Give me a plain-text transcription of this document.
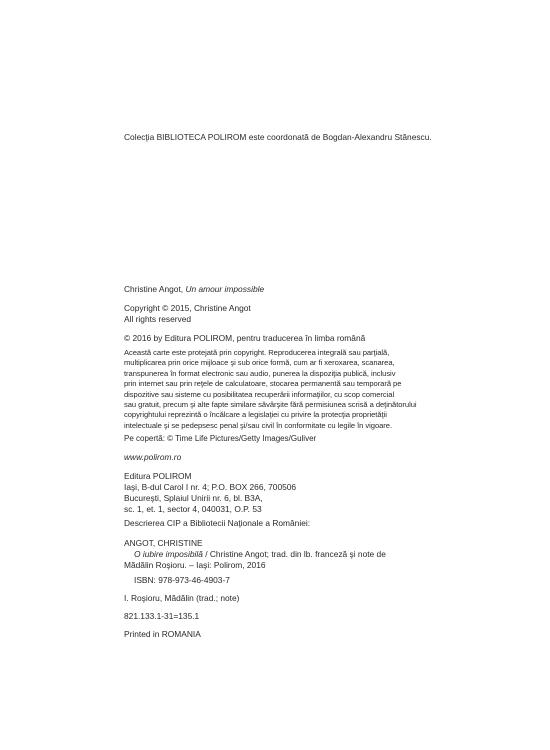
Colecţia BIBLIOTECA POLIROM este coordonată de Bogdan-Alexandru Stănescu.
Christine Angot, Un amour impossible
Copyright © 2015, Christine Angot
All rights reserved
© 2016 by Editura POLIROM, pentru traducerea în limba română
Această carte este protejată prin copyright. Reproducerea integrală sau parţială,
multiplicarea prin orice mijloace şi sub orice formă, cum ar fi xeroxarea, scanarea,
transpunerea în format electronic sau audio, punerea la dispoziţia publică, inclusiv
prin internet sau prin reţele de calculatoare, stocarea permanentă sau temporară pe
dispozitive sau sisteme cu posibilitatea recuperării informaţiilor, cu scop comercial
sau gratuit, precum şi alte fapte similare săvârşite fără permisiunea scrisă a deţinătorului
copyrightului reprezintă o încălcare a legislaţiei cu privire la protecţia proprietăţii
intelectuale şi se pedepsesc penal şi/sau civil în conformitate cu legile în vigoare.
Pe copertă: © Time Life Pictures/Getty Images/Guliver
www.polirom.ro
Editura POLIROM
Iaşi, B-dul Carol I nr. 4; P.O. BOX 266, 700506
Bucureşti, Splaiul Unirii nr. 6, bl. B3A,
sc. 1, et. 1, sector 4, 040031, O.P. 53
Descrierea CIP a Bibliotecii Naţionale a României:
ANGOT, CHRISTINE
O iubire imposibilă / Christine Angot; trad. din lb. franceză şi note de
Mădălin Roşioru. – Iaşi: Polirom, 2016
ISBN: 978-973-46-4903-7
I. Roşioru, Mădălin (trad.; note)
821.133.1-31=135.1
Printed in ROMANIA
